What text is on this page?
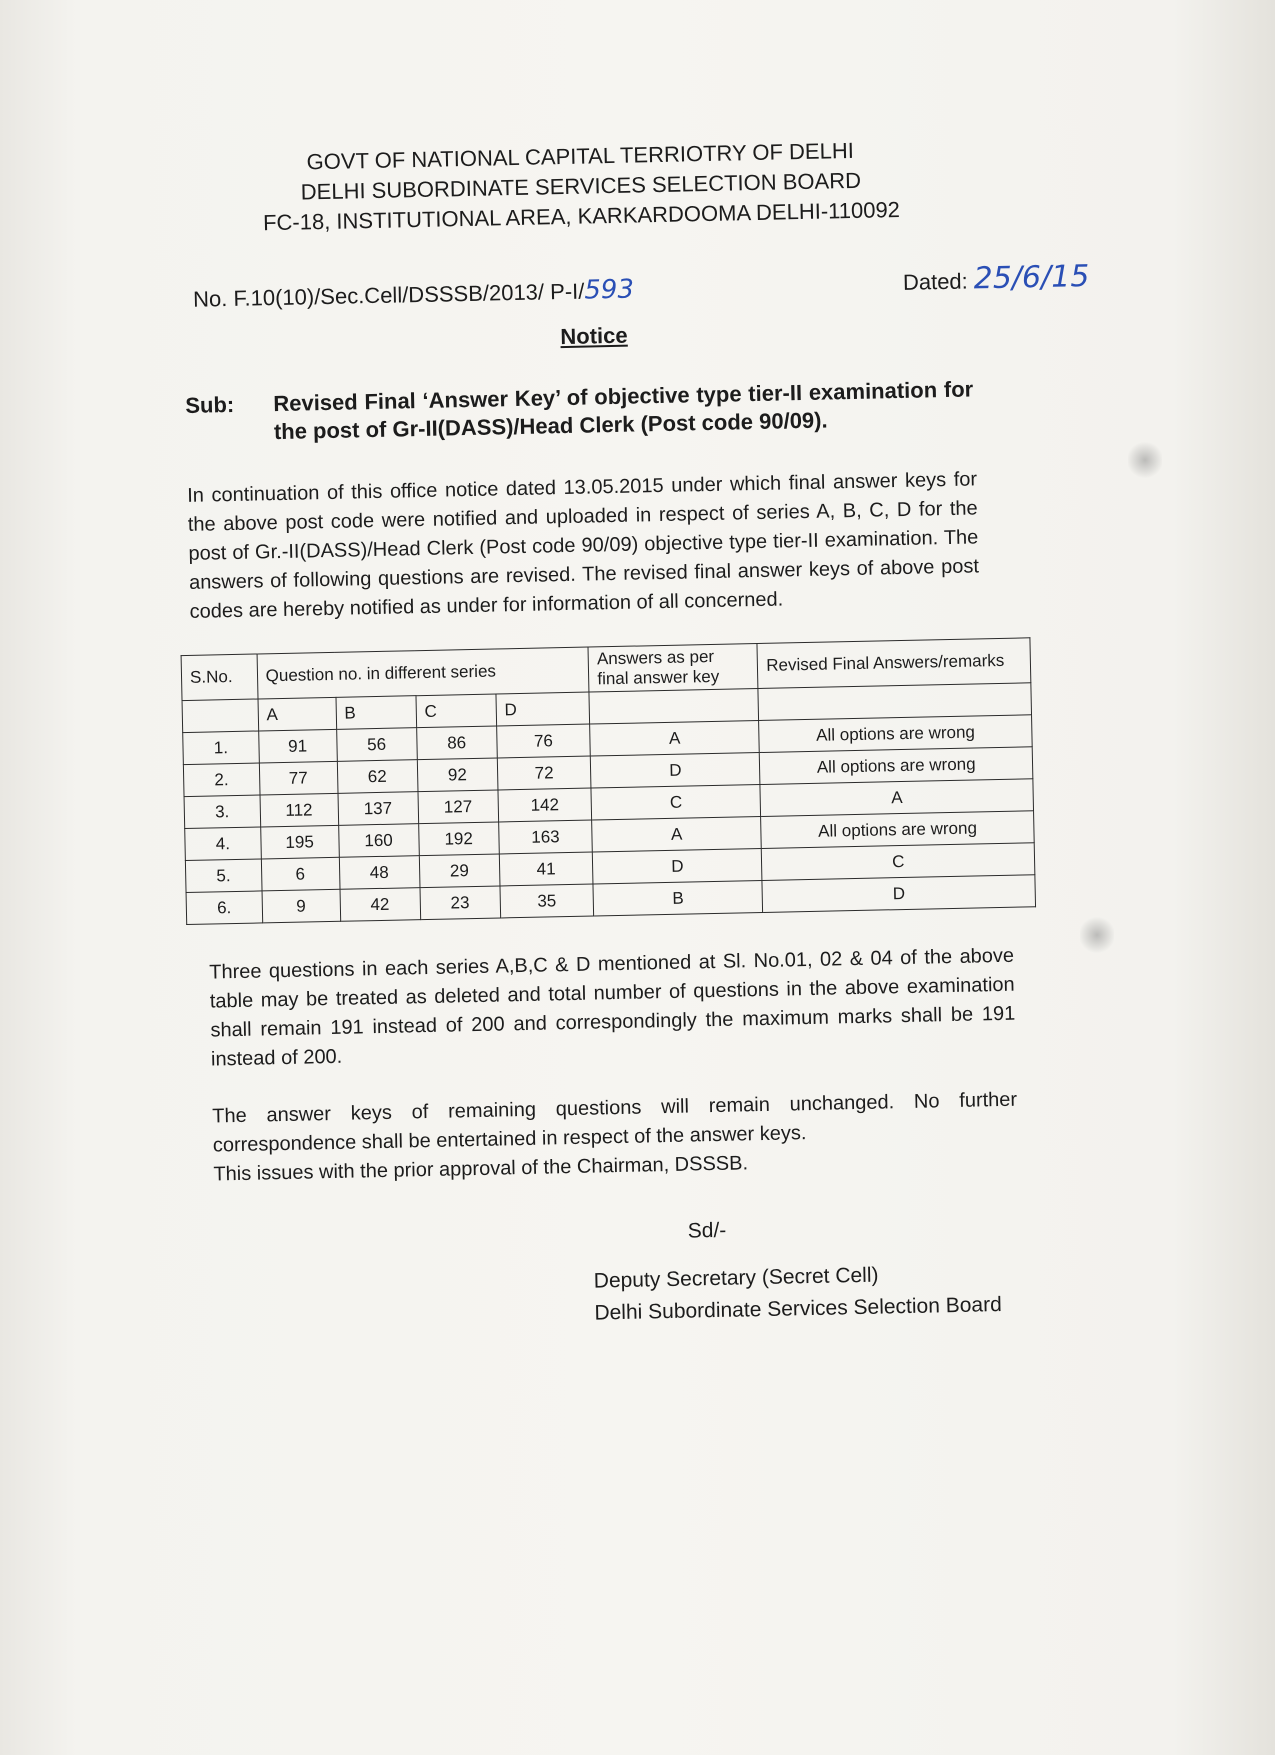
GOVT OF NATIONAL CAPITAL TERRIOTRY OF DELHI
DELHI SUBORDINATE SERVICES SELECTION BOARD
FC-18, INSTITUTIONAL AREA, KARKARDOOMA DELHI-110092
No. F.10(10)/Sec.Cell/DSSSB/2013/ P-I/593	Dated: 25/6/15
Notice
Sub:	Revised Final ‘Answer Key’ of objective type tier-II examination for the post of Gr-II(DASS)/Head Clerk (Post code 90/09).
In continuation of this office notice dated 13.05.2015 under which final answer keys for the above post code were notified and uploaded in respect of series A, B, C, D for the post of Gr.-II(DASS)/Head Clerk (Post code 90/09) objective type tier-II examination. The answers of following questions are revised. The revised final answer keys of above post codes are hereby notified as under for information of all concerned.
S.No.	Question no. in different series				Answers as per final answer key	Revised Final Answers/remarks
	A	B	C	D		
1.	91	56	86	76	A	All options are wrong
2.	77	62	92	72	D	All options are wrong
3.	112	137	127	142	C	A
4.	195	160	192	163	A	All options are wrong
5.	6	48	29	41	D	C
6.	9	42	23	35	B	D
Three questions in each series A,B,C & D mentioned at Sl. No.01, 02 & 04 of the above table may be treated as deleted and total number of questions in the above examination shall remain 191 instead of 200 and correspondingly the maximum marks shall be 191 instead of 200.
The answer keys of remaining questions will remain unchanged. No further
correspondence shall be entertained in respect of the answer keys.
This issues with the prior approval of the Chairman, DSSSB.
Sd/-
Deputy Secretary (Secret Cell)
Delhi Subordinate Services Selection Board
